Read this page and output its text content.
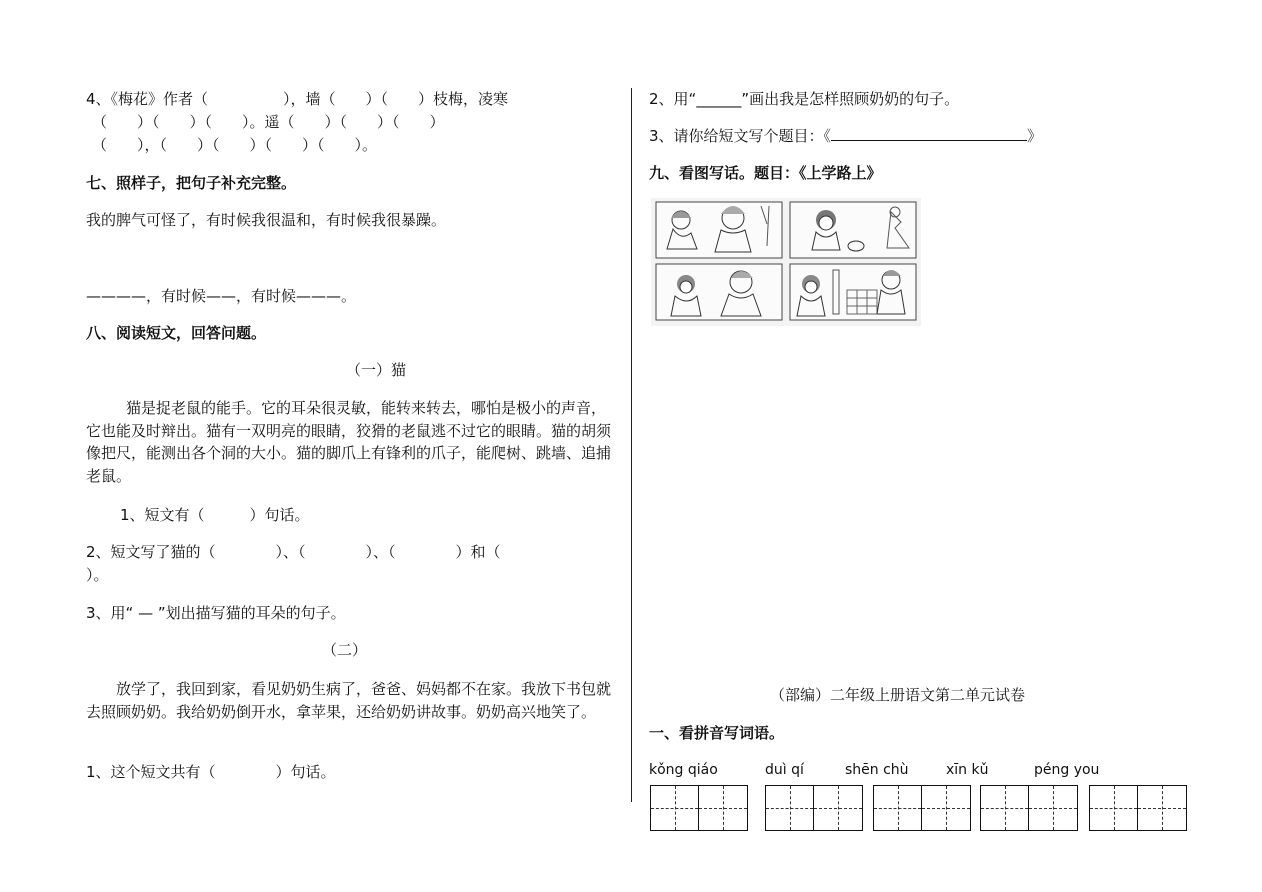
4、《梅花》作者（　　　　　），墙（　　）（　　）枝梅，凌寒
（　　）（　　）（　　）。遥（　　）（　　）（　　）
（　　），（　　）（　　）（　　）（　　）。
七、照样子，把句子补充完整。
我的脾气可怪了，有时候我很温和，有时候我很暴躁。
————，有时候——，有时候———。
八、阅读短文，回答问题。
（一）猫
猫是捉老鼠的能手。它的耳朵很灵敏，能转来转去，哪怕是极小的声音，它也能及时辩出。猫有一双明亮的眼睛，狡猾的老鼠逃不过它的眼睛。猫的胡须像把尺，能测出各个洞的大小。猫的脚爪上有锋利的爪子，能爬树、跳墙、追捕老鼠。
1、短文有（　　　）句话。
2、短文写了猫的（　　　　）、（　　　　）、（　　　　）和（
）。
3、用“ — ”划出描写猫的耳朵的句子。
（二）
放学了，我回到家，看见奶奶生病了，爸爸、妈妈都不在家。我放下书包就去照顾奶奶。我给奶奶倒开水，拿苹果，还给奶奶讲故事。奶奶高兴地笑了。
1、这个短文共有（　　　　）句话。
2、用“______”画出我是怎样照顾奶奶的句子。
3、请你给短文写个题目：《	》
九、看图写话。题目：《上学路上》
（部编）二年级上册语文第二单元试卷
一、看拼音写词语。
kǒng qiáo	duì qí	shēn chù	xīn kǔ	péng you
